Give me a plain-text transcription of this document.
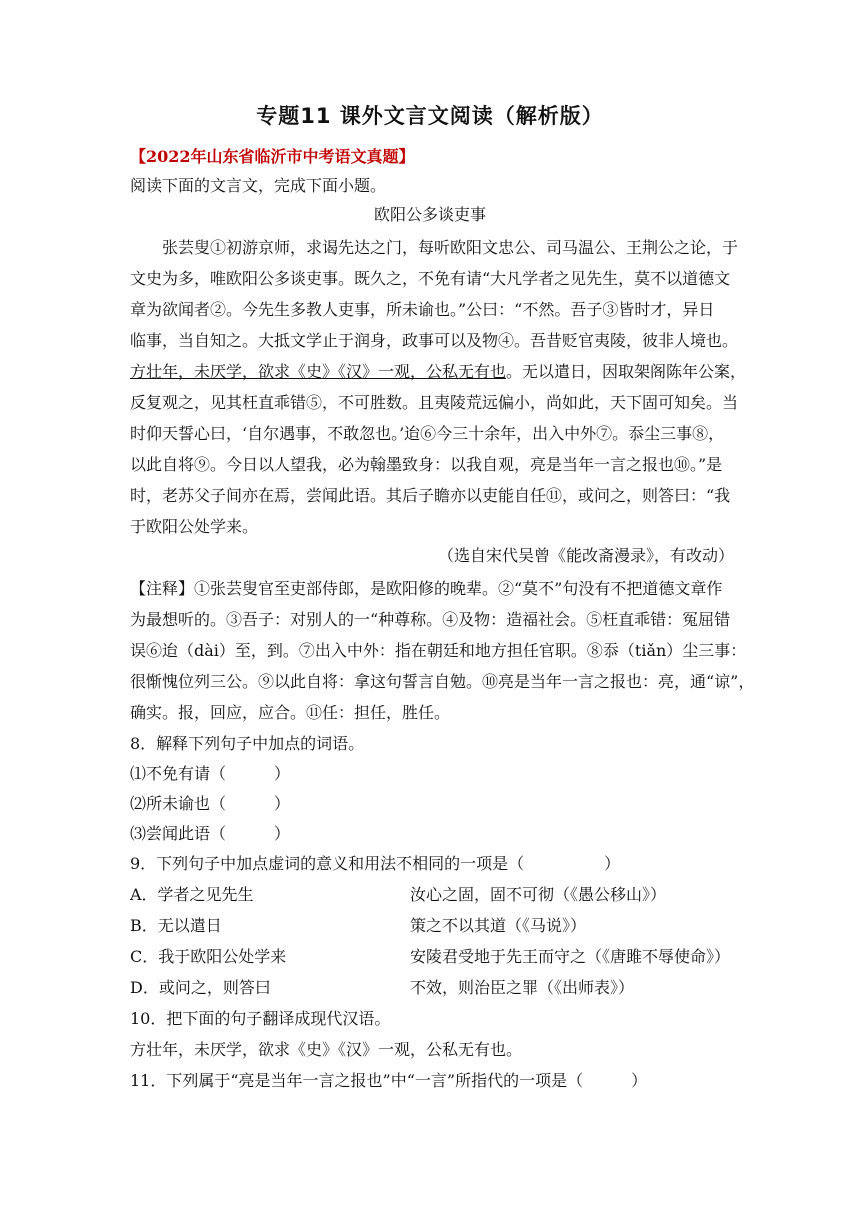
专题11 课外文言文阅读（解析版）
【2022年山东省临沂市中考语文真题】
阅读下面的文言文，完成下面小题。
欧阳公多谈吏事
　　张芸叟①初游京师，求谒先达之门，每听欧阳文忠公、司马温公、王荆公之论，于
文史为多，唯欧阳公多谈吏事。既久之，不免有请“大凡学者之见先生，莫不以道德文
章为欲闻者②。今先生多教人吏事，所未谕也。”公曰：“不然。吾子③皆时才，异日
临事，当自知之。大抵文学止于润身，政事可以及物④。吾昔贬官夷陵，彼非人境也。
方壮年，未厌学，欲求《史》《汉》一观，公私无有也。无以遣日，因取架阁陈年公案，
反复观之，见其枉直乖错⑤，不可胜数。且夷陵荒远偏小，尚如此，天下固可知矣。当
时仰天誓心曰，‘自尔遇事，不敢忽也。’迨⑥今三十余年，出入中外⑦。忝尘三事⑧，
以此自将⑨。今日以人望我，必为翰墨致身：以我自观，亮是当年一言之报也⑩。”是
时，老苏父子间亦在焉，尝闻此语。其后子瞻亦以吏能自任⑪，或问之，则答曰：“我
于欧阳公处学来。
（选自宋代吴曾《能改斋漫录》，有改动）
【注释】①张芸叟官至吏部侍郎，是欧阳修的晚辈。②“莫不”句没有不把道德文章作
为最想听的。③吾子：对别人的一“种尊称。④及物：造福社会。⑤枉直乖错：冤屈错
误⑥迨（dài）至，到。⑦出入中外：指在朝廷和地方担任官职。⑧忝（tiǎn）尘三事：
很惭愧位列三公。⑨以此自将：拿这句誓言自勉。⑩亮是当年一言之报也：亮，通“谅”，
确实。报，回应，应合。⑪任：担任，胜任。
8．解释下列句子中加点的词语。
⑴不免有请（　　　）
⑵所未谕也（　　　）
⑶尝闻此语（　　　）
9．下列句子中加点虚词的意义和用法不相同的一项是（　　　　　）
A．学者之见先生	汝心之固，固不可彻（《愚公移山》）
B．无以遣日	策之不以其道（《马说》）
C．我于欧阳公处学来	安陵君受地于先王而守之（《唐雎不辱使命》）
D．或问之，则答曰	不效，则治臣之罪（《出师表》）
10．把下面的句子翻译成现代汉语。
方壮年，未厌学，欲求《史》《汉》一观，公私无有也。
11．下列属于“亮是当年一言之报也”中“一言”所指代的一项是（　　　）
